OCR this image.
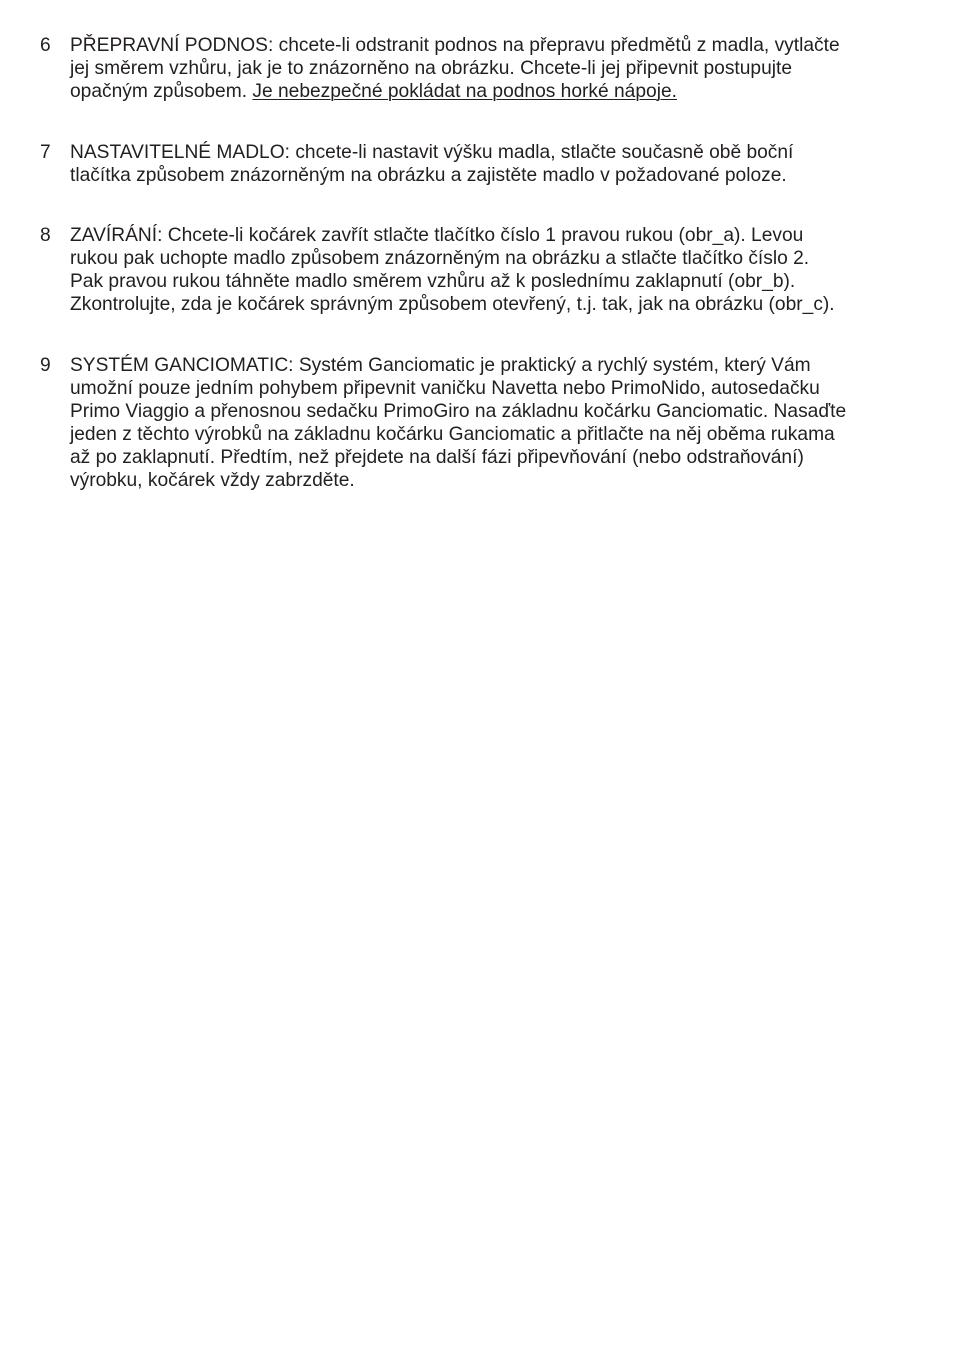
6	PŘEPRAVNÍ PODNOS: chcete-li odstranit podnos na přepravu předmětů z madla, vytlačte
jej směrem vzhůru, jak je to znázorněno na obrázku. Chcete-li jej připevnit postupujte
opačným způsobem. Je nebezpečné pokládat na podnos horké nápoje.
7	NASTAVITELNÉ MADLO: chcete-li nastavit výšku madla, stlačte současně obě boční
tlačítka způsobem znázorněným na obrázku a zajistěte madlo v požadované poloze.
8	ZAVÍRÁNÍ: Chcete-li kočárek zavřít stlačte tlačítko číslo 1 pravou rukou (obr_a). Levou
rukou pak uchopte madlo způsobem znázorněným na obrázku a stlačte tlačítko číslo 2.
Pak pravou rukou táhněte madlo směrem vzhůru až k poslednímu zaklapnutí (obr_b).
Zkontrolujte, zda je kočárek správným způsobem otevřený, t.j. tak, jak na obrázku (obr_c).
9	SYSTÉM GANCIOMATIC: Systém Ganciomatic je praktický a rychlý systém, který Vám
umožní pouze jedním pohybem připevnit vaničku Navetta nebo PrimoNido, autosedačku
Primo Viaggio a přenosnou sedačku PrimoGiro na základnu kočárku Ganciomatic. Nasaďte
jeden z těchto výrobků na základnu kočárku Ganciomatic a přitlačte na něj oběma rukama
až po zaklapnutí. Předtím, než přejdete na další fázi připevňování (nebo odstraňování)
výrobku, kočárek vždy zabrzděte.
